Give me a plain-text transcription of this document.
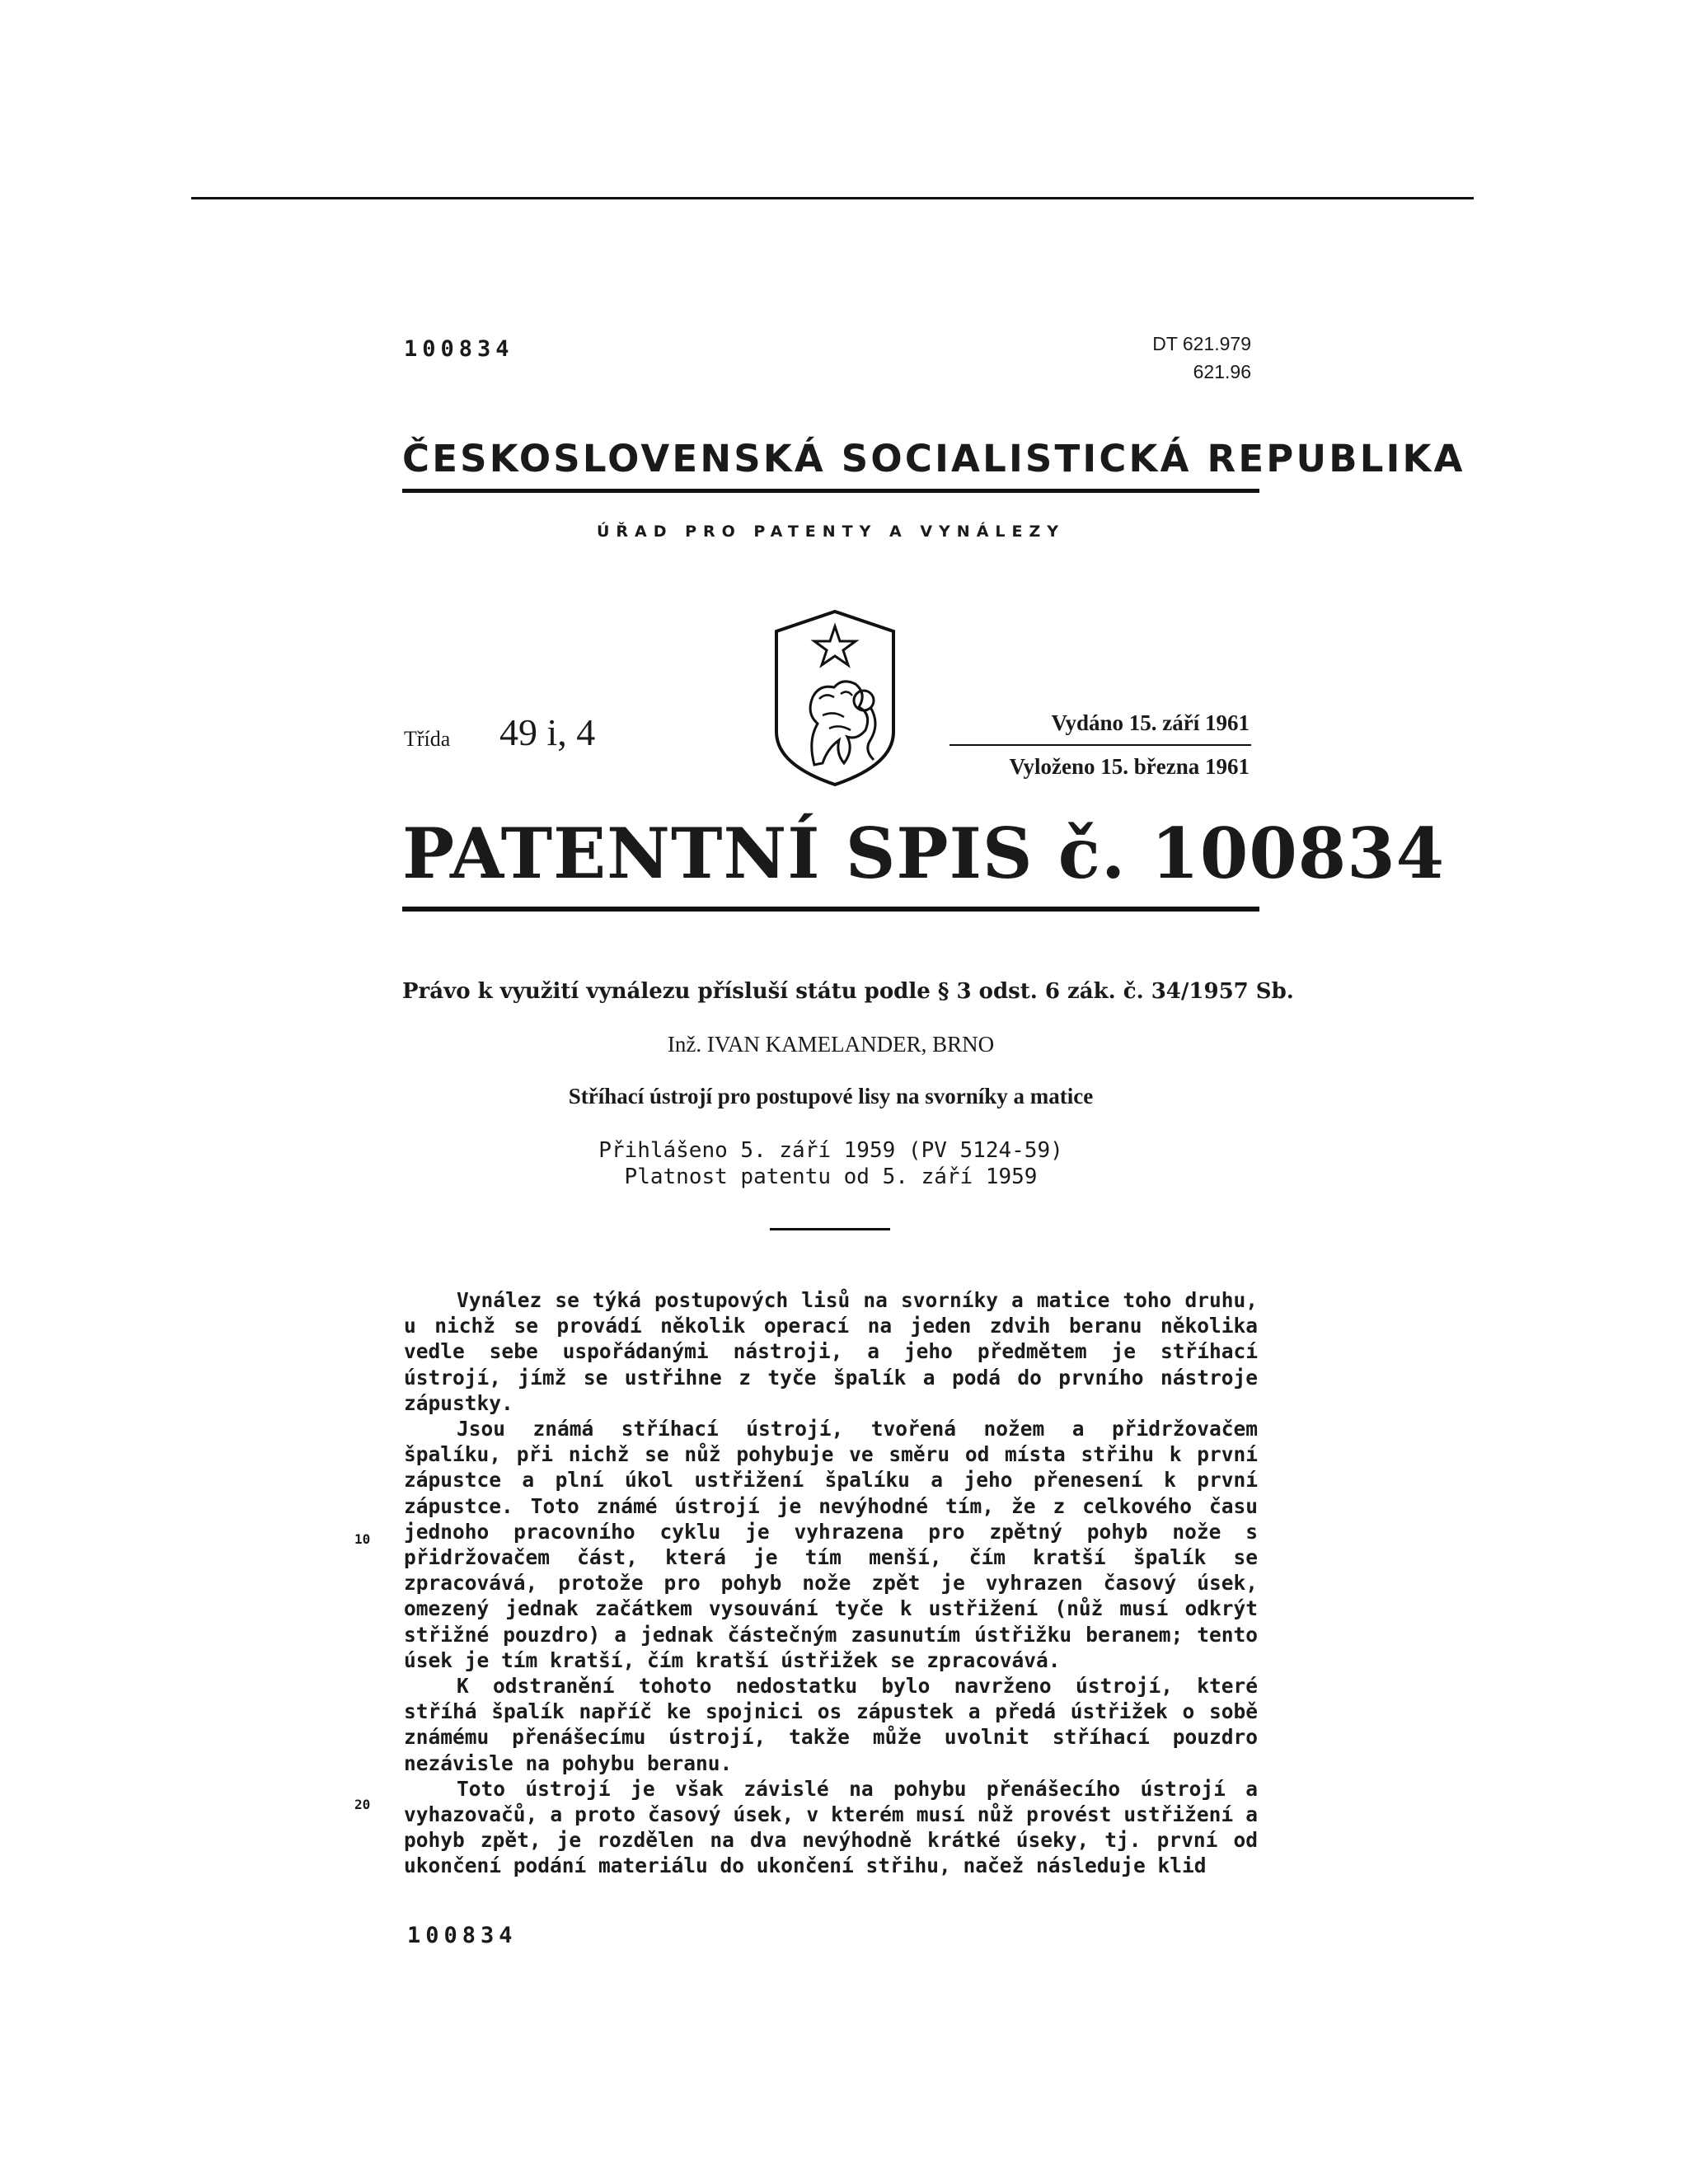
100834	DT 621.979
621.96
ČESKOSLOVENSKÁ SOCIALISTICKÁ REPUBLIKA
ÚŘAD PRO PATENTY A VYNÁLEZY
Třída 49 i, 4	Vydáno 15. září 1961
Vyloženo 15. března 1961
PATENTNÍ SPIS č. 100834
Právo k využití vynálezu přísluší státu podle § 3 odst. 6 zák. č. 34/1957 Sb.
Inž. IVAN KAMELANDER, BRNO
Stříhací ústrojí pro postupové lisy na svorníky a matice
Přihlášeno 5. září 1959 (PV 5124-59)
Platnost patentu od 5. září 1959

Vynález se týká postupových lisů na svorníky a matice toho druhu, u nichž se provádí několik operací na jeden zdvih beranu několika vedle sebe uspořádanými nástroji, a jeho předmětem je stříhací ústrojí, jímž se ustřihne z tyče špalík a podá do prvního nástroje zápustky.

Jsou známá stříhací ústrojí, tvořená nožem a přidržovačem špalíku, při nichž se nůž pohybuje ve směru od místa střihu k první zápustce a plní úkol ustřižení špalíku a jeho přenesení k první zápustce. Toto známé ústrojí je nevýhodné tím, že z celkového času jednoho pracovního cyklu je vyhrazena pro zpětný pohyb nože s přidržovačem část, která je tím menší, čím kratší špalík se zpracovává, protože pro pohyb nože zpět je vyhrazen časový úsek, omezený jednak začátkem vysouvání tyče k ustřižení (nůž musí odkrýt střižné pouzdro) a jednak částečným zasunutím ústřižku beranem; tento úsek je tím kratší, čím kratší ústřižek se zpracovává.

K odstranění tohoto nedostatku bylo navrženo ústrojí, které stříhá špalík napříč ke spojnici os zápustek a předá ústřižek o sobě známému přenášecímu ústrojí, takže může uvolnit stříhací pouzdro nezávisle na pohybu beranu.

Toto ústrojí je však závislé na pohybu přenášecího ústrojí a vyhazovačů, a proto časový úsek, v kterém musí nůž provést ustřižení a pohyb zpět, je rozdělen na dva nevýhodně krátké úseky, tj. první od ukončení podání materiálu do ukončení střihu, načež následuje klid

10
20
100834
